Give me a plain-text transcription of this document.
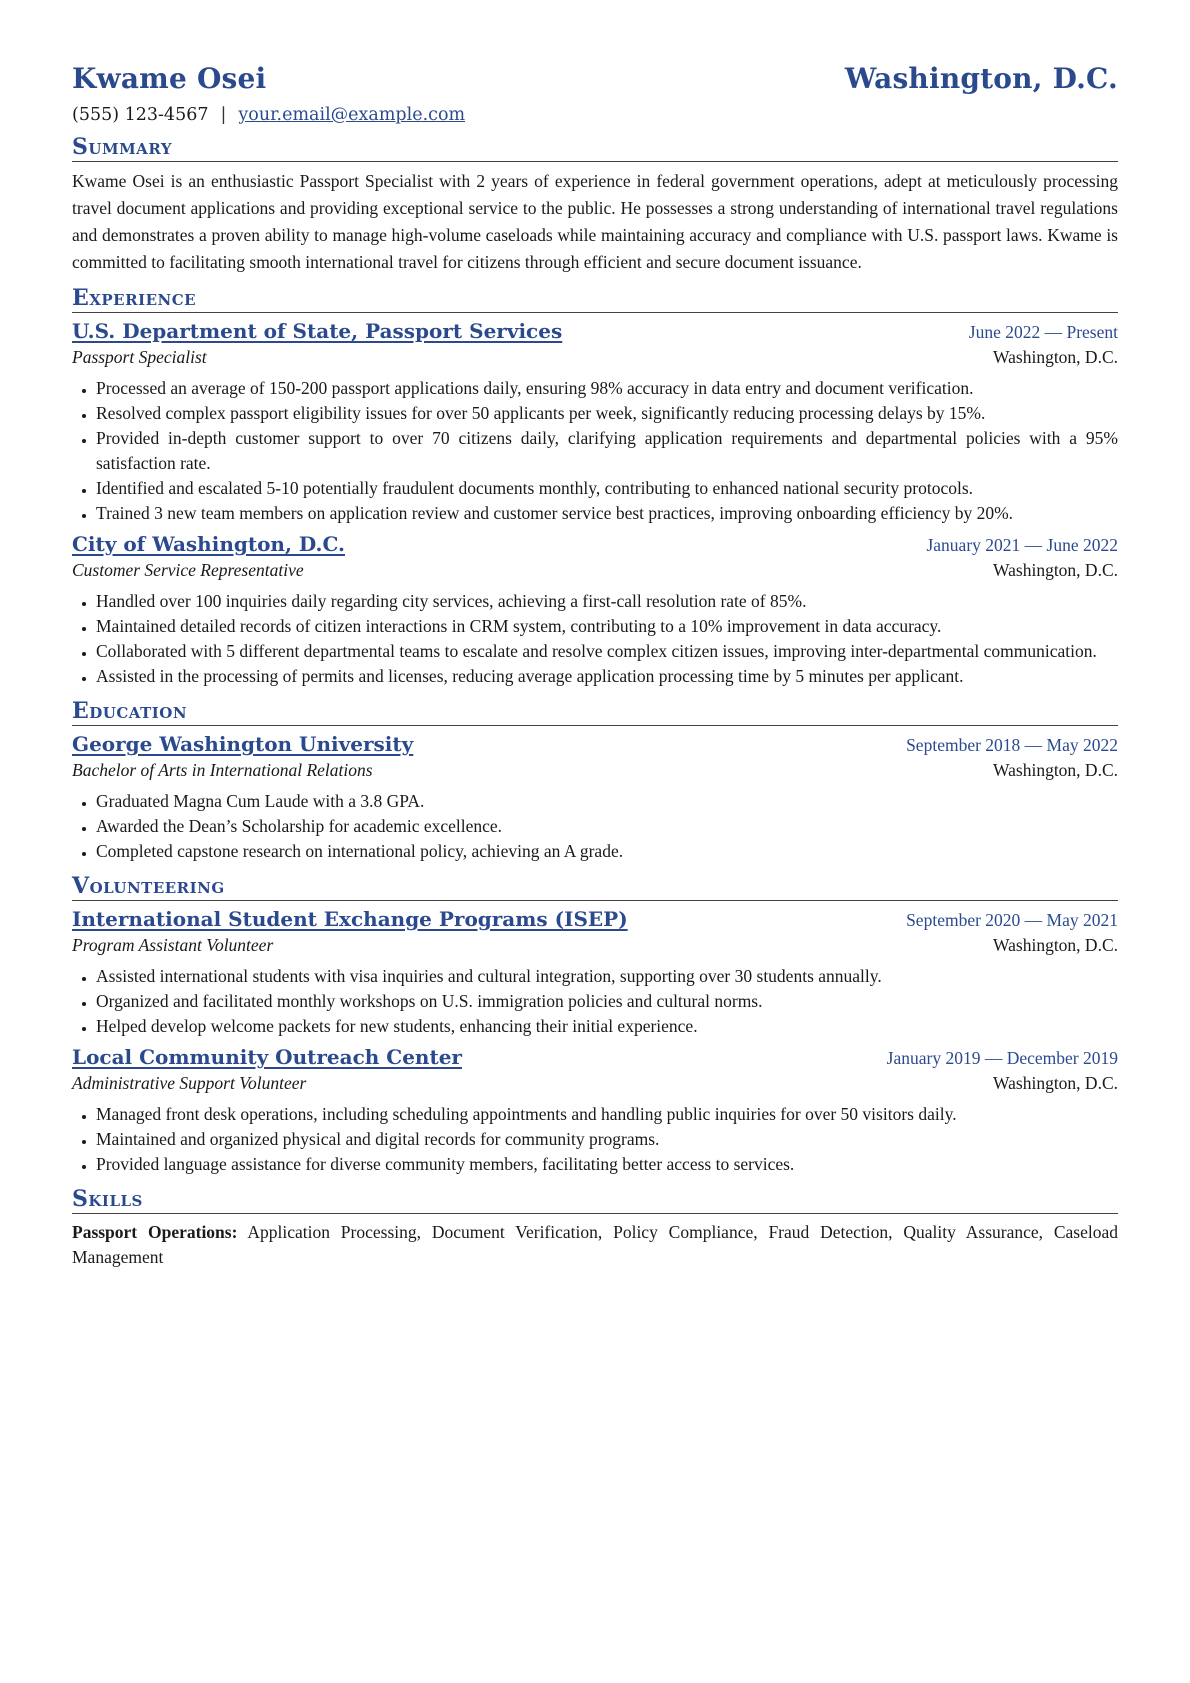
Kwame Osei	Washington, D.C.
(555) 123-4567 | your.email@example.com
Summary
Kwame Osei is an enthusiastic Passport Specialist with 2 years of experience in federal government operations, adept at meticulously processing travel document applications and providing exceptional service to the public. He possesses a strong understanding of international travel regulations and demonstrates a proven ability to manage high-volume caseloads while maintaining accuracy and compliance with U.S. passport laws. Kwame is committed to facilitating smooth international travel for citizens through efficient and secure document issuance.
Experience
U.S. Department of State, Passport Services	June 2022 — Present
Passport Specialist	Washington, D.C.
• Processed an average of 150-200 passport applications daily, ensuring 98% accuracy in data entry and document verification.
• Resolved complex passport eligibility issues for over 50 applicants per week, significantly reducing processing delays by 15%.
• Provided in-depth customer support to over 70 citizens daily, clarifying application requirements and departmental policies with a 95% satisfaction rate.
• Identified and escalated 5-10 potentially fraudulent documents monthly, contributing to enhanced national security protocols.
• Trained 3 new team members on application review and customer service best practices, improving onboarding efficiency by 20%.
City of Washington, D.C.	January 2021 — June 2022
Customer Service Representative	Washington, D.C.
• Handled over 100 inquiries daily regarding city services, achieving a first-call resolution rate of 85%.
• Maintained detailed records of citizen interactions in CRM system, contributing to a 10% improvement in data accuracy.
• Collaborated with 5 different departmental teams to escalate and resolve complex citizen issues, improving inter-departmental communication.
• Assisted in the processing of permits and licenses, reducing average application processing time by 5 minutes per applicant.
Education
George Washington University	September 2018 — May 2022
Bachelor of Arts in International Relations	Washington, D.C.
• Graduated Magna Cum Laude with a 3.8 GPA.
• Awarded the Dean’s Scholarship for academic excellence.
• Completed capstone research on international policy, achieving an A grade.
Volunteering
International Student Exchange Programs (ISEP)	September 2020 — May 2021
Program Assistant Volunteer	Washington, D.C.
• Assisted international students with visa inquiries and cultural integration, supporting over 30 students annually.
• Organized and facilitated monthly workshops on U.S. immigration policies and cultural norms.
• Helped develop welcome packets for new students, enhancing their initial experience.
Local Community Outreach Center	January 2019 — December 2019
Administrative Support Volunteer	Washington, D.C.
• Managed front desk operations, including scheduling appointments and handling public inquiries for over 50 visitors daily.
• Maintained and organized physical and digital records for community programs.
• Provided language assistance for diverse community members, facilitating better access to services.
Skills
Passport Operations: Application Processing, Document Verification, Policy Compliance, Fraud Detection, Quality Assurance, Caseload Management
